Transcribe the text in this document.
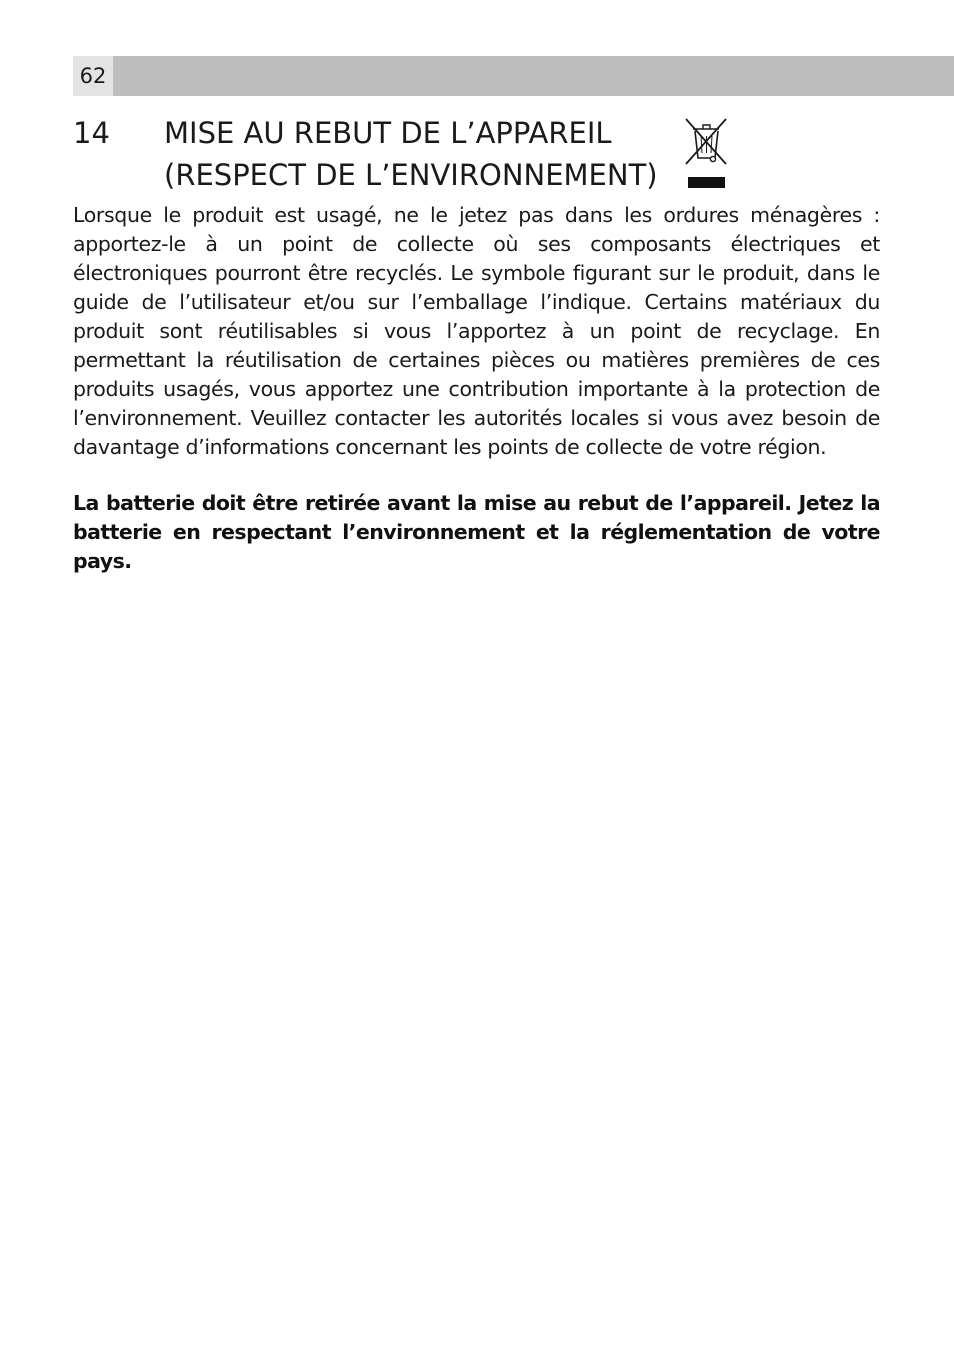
62
14 MISE AU REBUT DE L’APPAREIL
(RESPECT DE L’ENVIRONNEMENT)

Lorsque le produit est usagé, ne le jetez pas dans les ordures ménagères : apportez-le à un point de collecte où ses composants électriques et électroniques pourront être recyclés. Le symbole figurant sur le produit, dans le guide de l’utilisateur et/ou sur l’emballage l’indique. Certains matériaux du produit sont réutilisables si vous l’apportez à un point de recyclage. En permettant la réutilisation de certaines pièces ou matières premières de ces produits usagés, vous apportez une contribution importante à la protection de l’environnement. Veuillez contacter les autorités locales si vous avez besoin de davantage d’informations concernant les points de collecte de votre région.

La batterie doit être retirée avant la mise au rebut de l’appareil. Jetez la batterie en respectant l’environnement et la réglementation de votre pays.
